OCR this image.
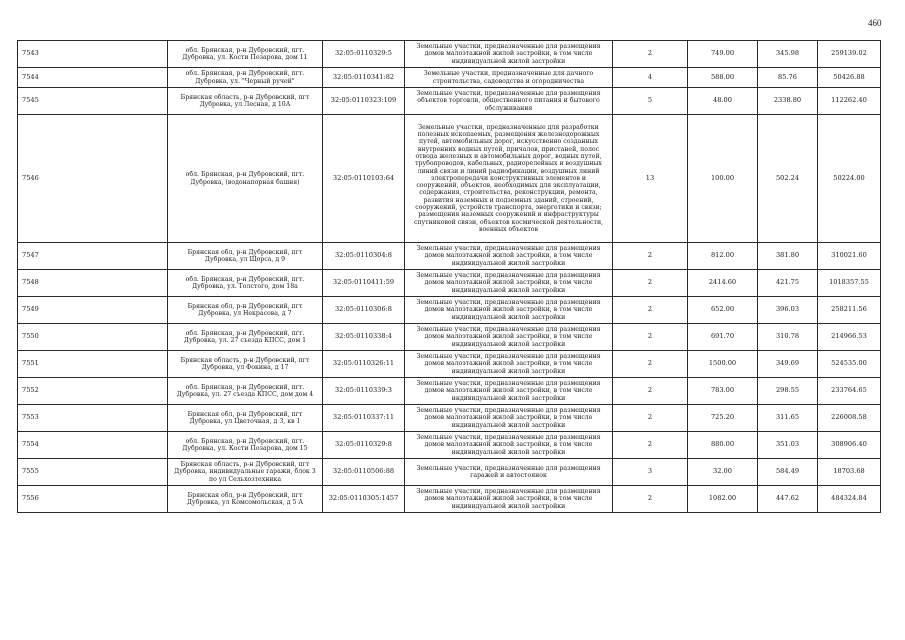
460
7543	обл. Брянская, р-н Дубровский, пгт. Дубровка, ул. Кости Позарова, дом 11	32:05:0110329:5	Земельные участки, предназначенные для размещения домов малоэтажной жилой застройки, в том числе индивидуальной жилой застройки	2	749.00	345.98	259139.02
7544	обл. Брянская, р-н Дубровский, пгт. Дубровка, ул. "Черный ручей"	32:05:0110341:82	Земельные участки, предназначенные для дачного строительства, садоводства и огородничества	4	588.00	85.76	50426.88
7545	Брянская область, р-н Дубровский, пгт Дубровка, ул Лесная, д 10А	32:05:0110323:109	Земельные участки, предназначенные для размещения объектов торговли, общественного питания и бытового обслуживания	5	48.00	2338.80	112262.40
7546	обл. Брянская, р-н Дубровский, пгт. Дубровка, (водонапорная башня)	32:05:0110103:64	Земельные участки, предназначенные для разработки полезных ископаемых, размещения железнодорожных путей, автомобильных дорог, искусственно созданных внутренних водных путей, причалов, пристаней, полос отвода железных и автомобильных дорог, водных путей, трубопроводов, кабельных, радиорелейных и воздушных линий связи и линий радиофикации, воздушных линий электропередачи конструктивных элементов и сооружений, объектов, необходимых для эксплуатации, содержания, строительства, реконструкции, ремонта, развития наземных и подземных зданий, строений, сооружений, устройств транспорта, энергетики и связи; размещения наземных сооружений и инфраструктуры спутниковой связи, объектов космической деятельности, военных объектов	13	100.00	502.24	50224.00
7547	Брянская обл, р-н Дубровский, пгт Дубровка, ул Щорса, д 9	32:05:0110304:8	Земельные участки, предназначенные для размещения домов малоэтажной жилой застройки, в том числе индивидуальной жилой застройки	2	812.00	381.80	310021.60
7548	обл. Брянская, р-н Дубровский, пгт. Дубровка, ул. Толстого, дом 18а	32:05:0110411:59	Земельные участки, предназначенные для размещения домов малоэтажной жилой застройки, в том числе индивидуальной жилой застройки	2	2414.60	421.75	1018357.55
7549	Брянская обл, р-н Дубровский, пгт Дубровка, ул Некрасова, д 7	32:05:0110306:8	Земельные участки, предназначенные для размещения домов малоэтажной жилой застройки, в том числе индивидуальной жилой застройки	2	652.00	396.03	258211.56
7550	обл. Брянская, р-н Дубровский, пгт. Дубровка, ул. 27 съезда КПСС, дом 1	32:05:0110338:4	Земельные участки, предназначенные для размещения домов малоэтажной жилой застройки, в том числе индивидуальной жилой застройки	2	691.70	310.78	214966.53
7551	Брянская область, р-н Дубровский, пгт Дубровка, ул Фокина, д 17	32:05:0110326:11	Земельные участки, предназначенные для размещения домов малоэтажной жилой застройки, в том числе индивидуальной жилой застройки	2	1500.00	349.69	524535.00
7552	обл. Брянская, р-н Дубровский, пгт. Дубровка, ул. 27 съезда КПСС, дом дом 4	32:05:0110339:3	Земельные участки, предназначенные для размещения домов малоэтажной жилой застройки, в том числе индивидуальной жилой застройки	2	783.00	298.55	233764.65
7553	Брянская обл, р-н Дубровский, пгт Дубровка, ул Цветочная, д 3, кв 1	32:05:0110337:11	Земельные участки, предназначенные для размещения домов малоэтажной жилой застройки, в том числе индивидуальной жилой застройки	2	725.20	311.65	226008.58
7554	обл. Брянская, р-н Дубровский, пгт. Дубровка, ул. Кости Позарова, дом 15	32:05:0110329:8	Земельные участки, предназначенные для размещения домов малоэтажной жилой застройки, в том числе индивидуальной жилой застройки	2	880.00	351.03	308906.40
7555	Брянская область, р-н Дубровский, пгт Дубровка, индивидуальные гаражи, блок 3 по ул Сельхозтехника	32:05:0110506:88	Земельные участки, предназначенные для размещения гаражей и автостоянок	3	32.00	584.49	18703.68
7556	Брянская обл, р-н Дубровский, пгт Дубровка, ул Комсомольская, д 5 А	32:05:0110305:1457	Земельные участки, предназначенные для размещения домов малоэтажной жилой застройки, в том числе индивидуальной жилой застройки	2	1082.00	447.62	484324.84
